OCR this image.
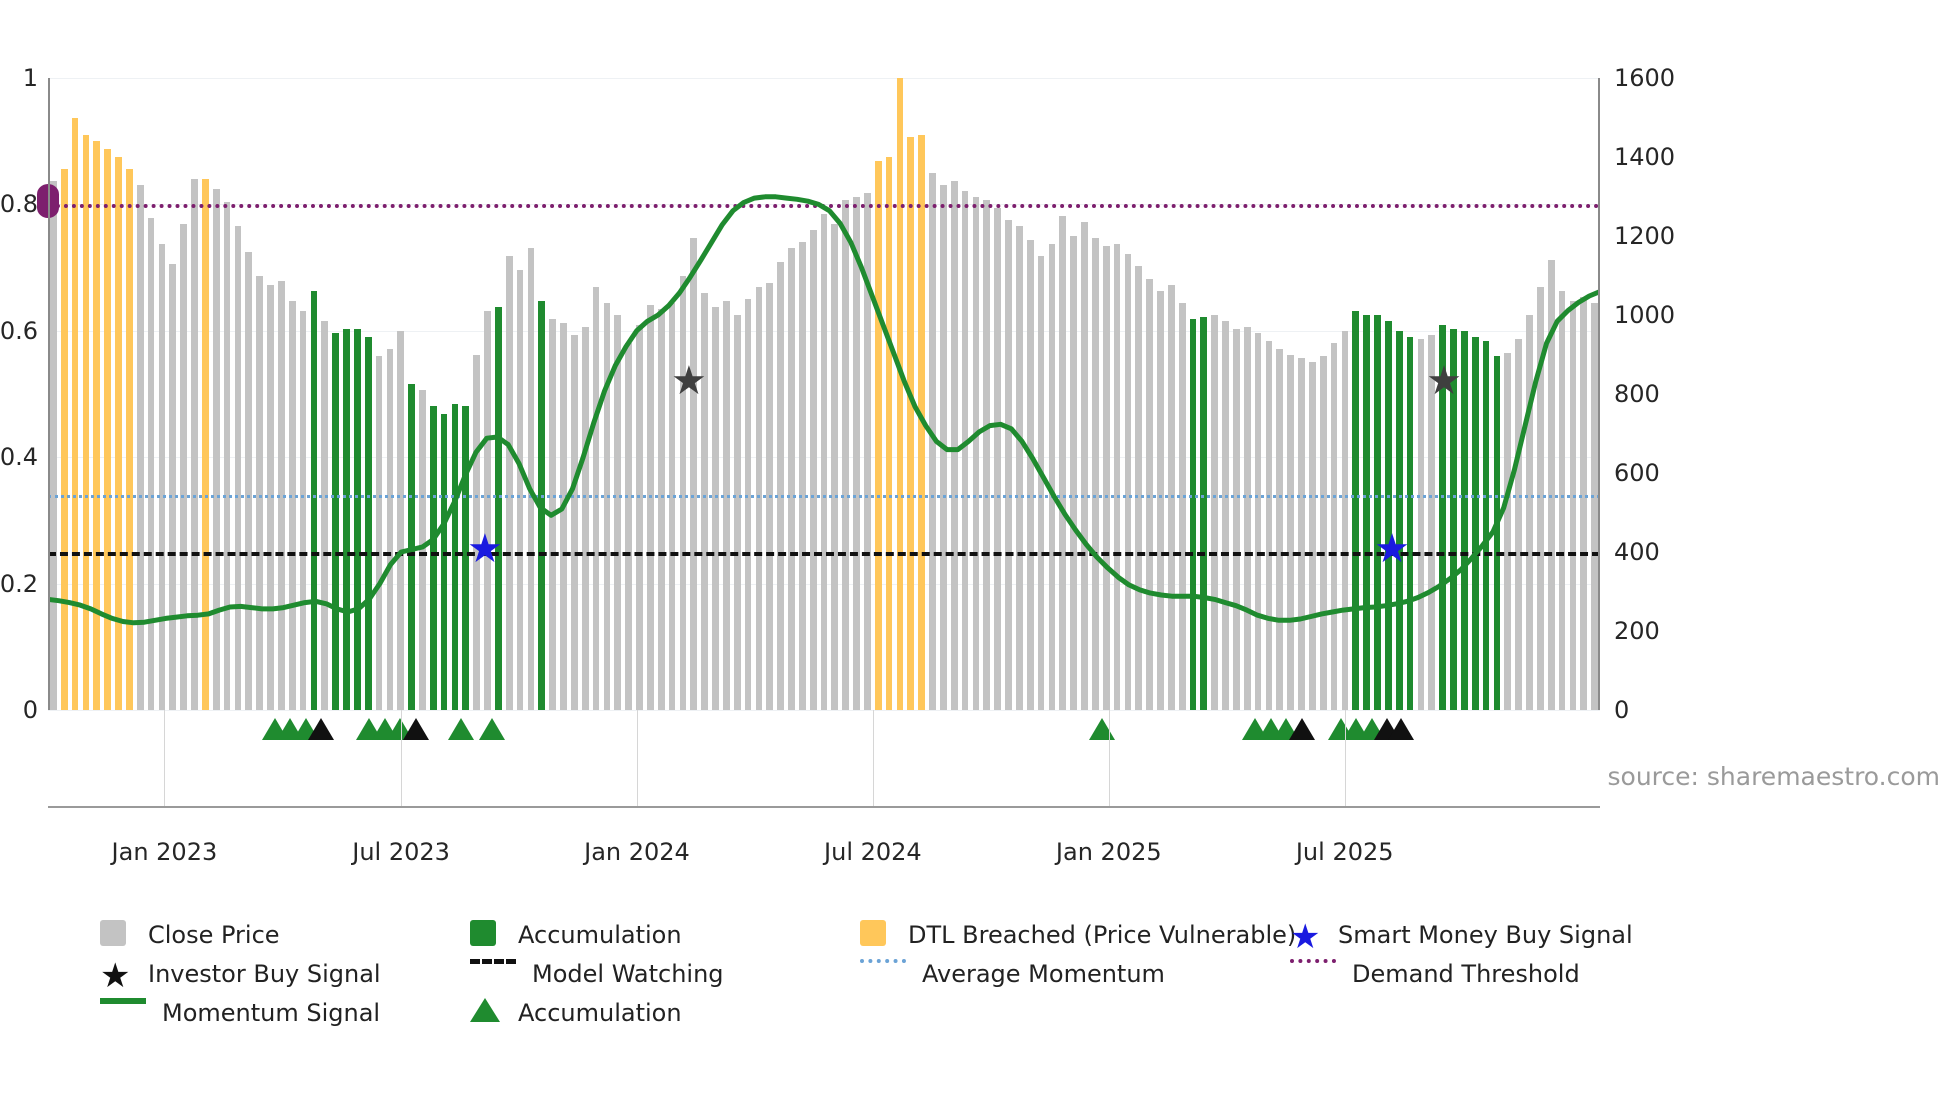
★
★
★
★
source: sharemaestro.com
Close Price	Accumulation	DTL Breached (Price Vulnerable)
★ Smart Money Buy Signal
★ Investor Buy Signal	Model Watching	Average Momentum	Demand Threshold
Momentum Signal	Accumulation
0
0.2
0.4
0.6
0.8
1
0
200
400
600
800
1000
1200
1400
1600
Jan 2023	Jul 2023	Jan 2024	Jul 2024	Jan 2025	Jul 2025
